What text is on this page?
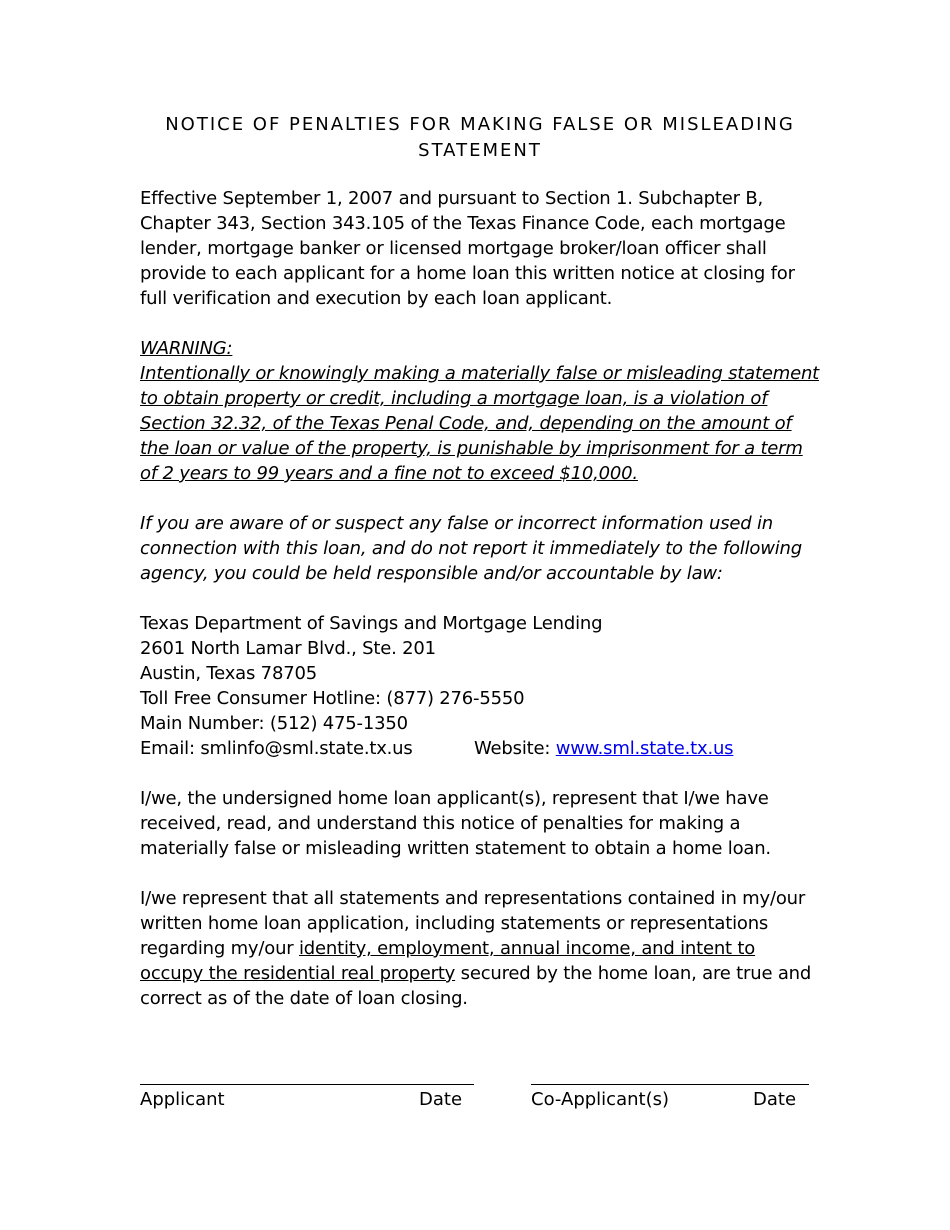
NOTICE OF PENALTIES FOR MAKING FALSE OR MISLEADING
STATEMENT

Effective September 1, 2007 and pursuant to Section 1. Subchapter B, Chapter 343, Section 343.105 of the Texas Finance Code, each mortgage lender, mortgage banker or licensed mortgage broker/loan officer shall provide to each applicant for a home loan this written notice at closing for full verification and execution by each loan applicant.

WARNING:
Intentionally or knowingly making a materially false or misleading statement to obtain property or credit, including a mortgage loan, is a violation of Section 32.32, of the Texas Penal Code, and, depending on the amount of the loan or value of the property, is punishable by imprisonment for a term of 2 years to 99 years and a fine not to exceed $10,000.

If you are aware of or suspect any false or incorrect information used in connection with this loan, and do not report it immediately to the following agency, you could be held responsible and/or accountable by law:

Texas Department of Savings and Mortgage Lending
2601 North Lamar Blvd., Ste. 201
Austin, Texas 78705
Toll Free Consumer Hotline: (877) 276-5550
Main Number: (512) 475-1350
Email: smlinfo@sml.state.tx.us	Website:
www.sml.state.tx.us

I/we, the undersigned home loan applicant(s), represent that I/we have received, read, and understand this notice of penalties for making a materially false or misleading written statement to obtain a home loan.

I/we represent that all statements and representations contained in my/our written home loan application, including statements or representations regarding my/our identity, employment, annual income, and intent to occupy the residential real property secured by the home loan, are true and correct as of the date of loan closing.

Applicant	Date	Co-Applicant(s)	Date
